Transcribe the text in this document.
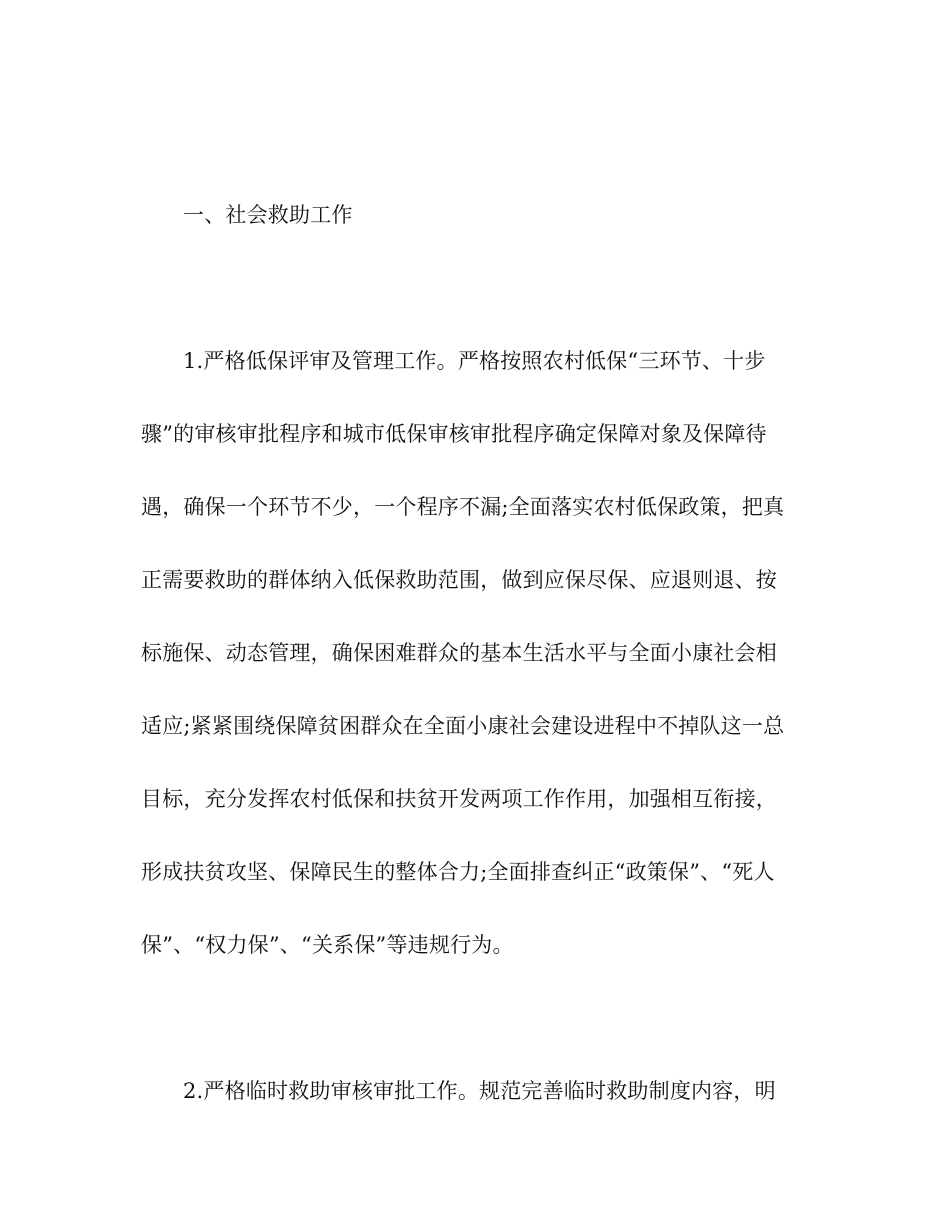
一、社会救助工作
1.严格低保评审及管理工作。严格按照农村低保“三环节、十步
骤”的审核审批程序和城市低保审核审批程序确定保障对象及保障待
遇，确保一个环节不少，一个程序不漏;全面落实农村低保政策，把真
正需要救助的群体纳入低保救助范围，做到应保尽保、应退则退、按
标施保、动态管理，确保困难群众的基本生活水平与全面小康社会相
适应;紧紧围绕保障贫困群众在全面小康社会建设进程中不掉队这一总
目标，充分发挥农村低保和扶贫开发两项工作作用，加强相互衔接，
形成扶贫攻坚、保障民生的整体合力;全面排查纠正“政策保”、“死人
保”、“权力保”、“关系保”等违规行为。
2.严格临时救助审核审批工作。规范完善临时救助制度内容，明
